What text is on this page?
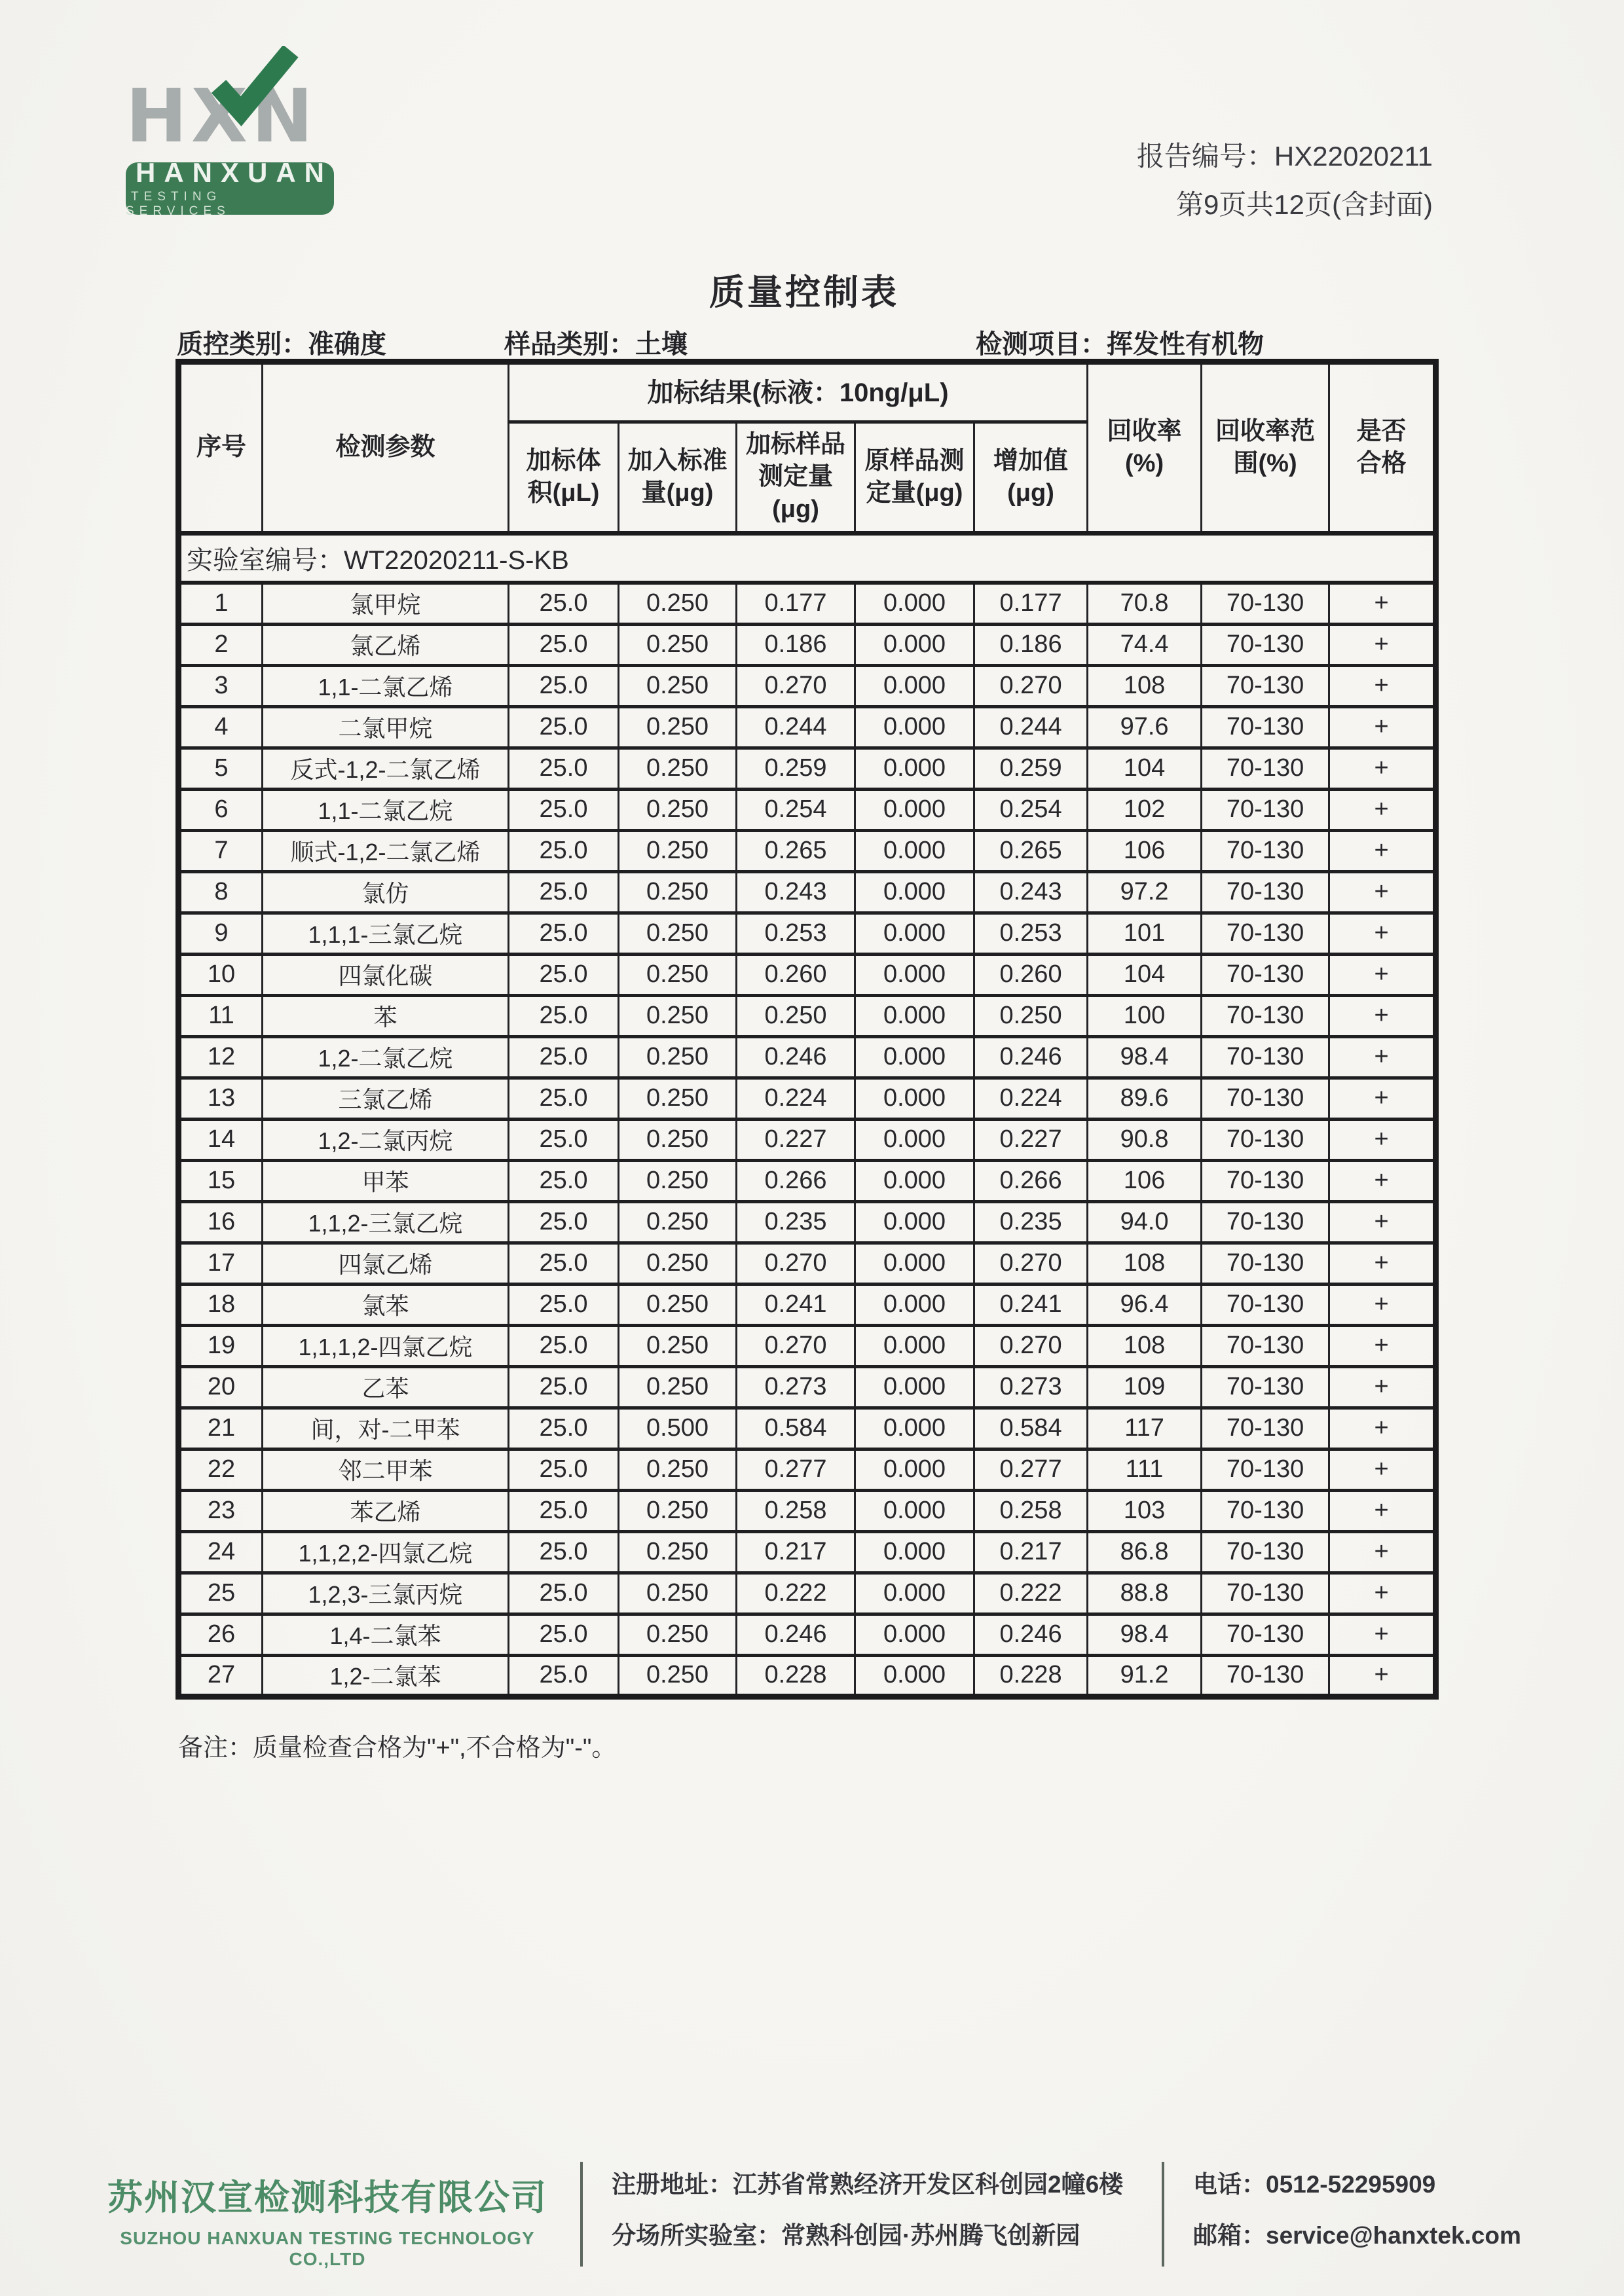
HXN
HANXUAN
TESTING SERVICES
报告编号：HX22020211
第9页共12页(含封面)
质量控制表
质控类别：准确度	样品类别：土壤	检测项目：挥发性有机物
序号	检测参数	加标结果(标液：10ng/μL)					回收率(%)	回收率范围(%)	是否合格
		加标体积(μL)	加入标准量(μg)	加标样品测定量(μg)	原样品测定量(μg)	增加值(μg)			
实验室编号：WT22020211-S-KB									
1	氯甲烷	25.0	0.250	0.177	0.000	0.177	70.8	70-130	+
2	氯乙烯	25.0	0.250	0.186	0.000	0.186	74.4	70-130	+
3	1,1-二氯乙烯	25.0	0.250	0.270	0.000	0.270	108	70-130	+
4	二氯甲烷	25.0	0.250	0.244	0.000	0.244	97.6	70-130	+
5	反式-1,2-二氯乙烯	25.0	0.250	0.259	0.000	0.259	104	70-130	+
6	1,1-二氯乙烷	25.0	0.250	0.254	0.000	0.254	102	70-130	+
7	顺式-1,2-二氯乙烯	25.0	0.250	0.265	0.000	0.265	106	70-130	+
8	氯仿	25.0	0.250	0.243	0.000	0.243	97.2	70-130	+
9	1,1,1-三氯乙烷	25.0	0.250	0.253	0.000	0.253	101	70-130	+
10	四氯化碳	25.0	0.250	0.260	0.000	0.260	104	70-130	+
11	苯	25.0	0.250	0.250	0.000	0.250	100	70-130	+
12	1,2-二氯乙烷	25.0	0.250	0.246	0.000	0.246	98.4	70-130	+
13	三氯乙烯	25.0	0.250	0.224	0.000	0.224	89.6	70-130	+
14	1,2-二氯丙烷	25.0	0.250	0.227	0.000	0.227	90.8	70-130	+
15	甲苯	25.0	0.250	0.266	0.000	0.266	106	70-130	+
16	1,1,2-三氯乙烷	25.0	0.250	0.235	0.000	0.235	94.0	70-130	+
17	四氯乙烯	25.0	0.250	0.270	0.000	0.270	108	70-130	+
18	氯苯	25.0	0.250	0.241	0.000	0.241	96.4	70-130	+
19	1,1,1,2-四氯乙烷	25.0	0.250	0.270	0.000	0.270	108	70-130	+
20	乙苯	25.0	0.250	0.273	0.000	0.273	109	70-130	+
21	间，对-二甲苯	25.0	0.500	0.584	0.000	0.584	117	70-130	+
22	邻二甲苯	25.0	0.250	0.277	0.000	0.277	111	70-130	+
23	苯乙烯	25.0	0.250	0.258	0.000	0.258	103	70-130	+
24	1,1,2,2-四氯乙烷	25.0	0.250	0.217	0.000	0.217	86.8	70-130	+
25	1,2,3-三氯丙烷	25.0	0.250	0.222	0.000	0.222	88.8	70-130	+
26	1,4-二氯苯	25.0	0.250	0.246	0.000	0.246	98.4	70-130	+
27	1,2-二氯苯	25.0	0.250	0.228	0.000	0.228	91.2	70-130	+
备注：质量检查合格为"+",不合格为"-"。
苏州汉宣检测科技有限公司
SUZHOU HANXUAN TESTING TECHNOLOGY CO.,LTD
注册地址：江苏省常熟经济开发区科创园2幢6楼
分场所实验室：常熟科创园·苏州腾飞创新园
电话：0512-52295909
邮箱：service@hanxtek.com
